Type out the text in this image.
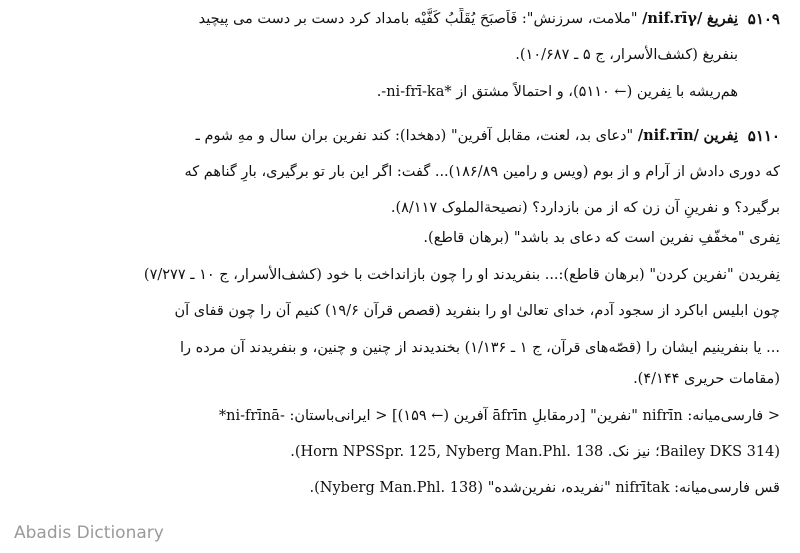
۵۱۰۹
نِفریغ /nif.rīγ/ "ملامت، سرزنش": فَاَصبَحَ یُقَلِّبُ کَفَّیْه بامداد کرد دست بر دست می پیچید
بنفریغ (کشف‌الأسرار، ج ۵ ـ ۱۰/۶۸۷).
هم‌ریشه با نِفرین (← ۵۱۱۰)، و احتمالاً مشتق از *ni-frī-ka-.
۵۱۱۰
نِفرین /nif.rīn/ "دعای بد، لعنت، مقابل آفرین" (دهخدا): کند نفرین بران سال و مهِ شوم ـ
که دوری دادش از آرام و از بوم (ویس و رامین ۱۸۶/۸۹)... گفت: اگر این بار تو برگیری، بارِ گناهم که
برگیرد؟ و نفرینِ آن زن که از من بازدارد؟ (نصیحةالملوک ۸/۱۱۷).
نِفری "مخفّفِ نفرین است که دعای بد باشد" (برهان قاطع).
نِفریدن "نفرین کردن" (برهان قاطع):... بنفریدند او را چون بازانداخت با خود (کشف‌الأسرار، ج ۱۰ ـ ۷/۲۷۷)
چون ابلیس اباکرد از سجود آدم، خدای تعالیٰ او را بنفرید (قصص قرآن ۱۹/۶) کنیم آن را چون قفای آن
... یا بنفرینیم ایشان را (قصّه‌های قرآن، ج ۱ ـ ۱/۱۳۶) بخندیدند از چنین و چنین، و بنفریدند آن مرده را
(مقامات حریری ۴/۱۴۴).
< فارسی‌میانه: nifrīn "نفرین" [درمقابلِ āfrīn آفرین (← ۱۵۹)] < ایرانی‌باستان: -ni-frīnā*
(Bailey DKS 314؛ نیز نک. Horn NPSSpr. 125, Nyberg Man.Phl. 138).
قس فارسی‌میانه: nifrītak "نفریده، نفرین‌شده" (Nyberg Man.Phl. 138).
Abadis Dictionary
